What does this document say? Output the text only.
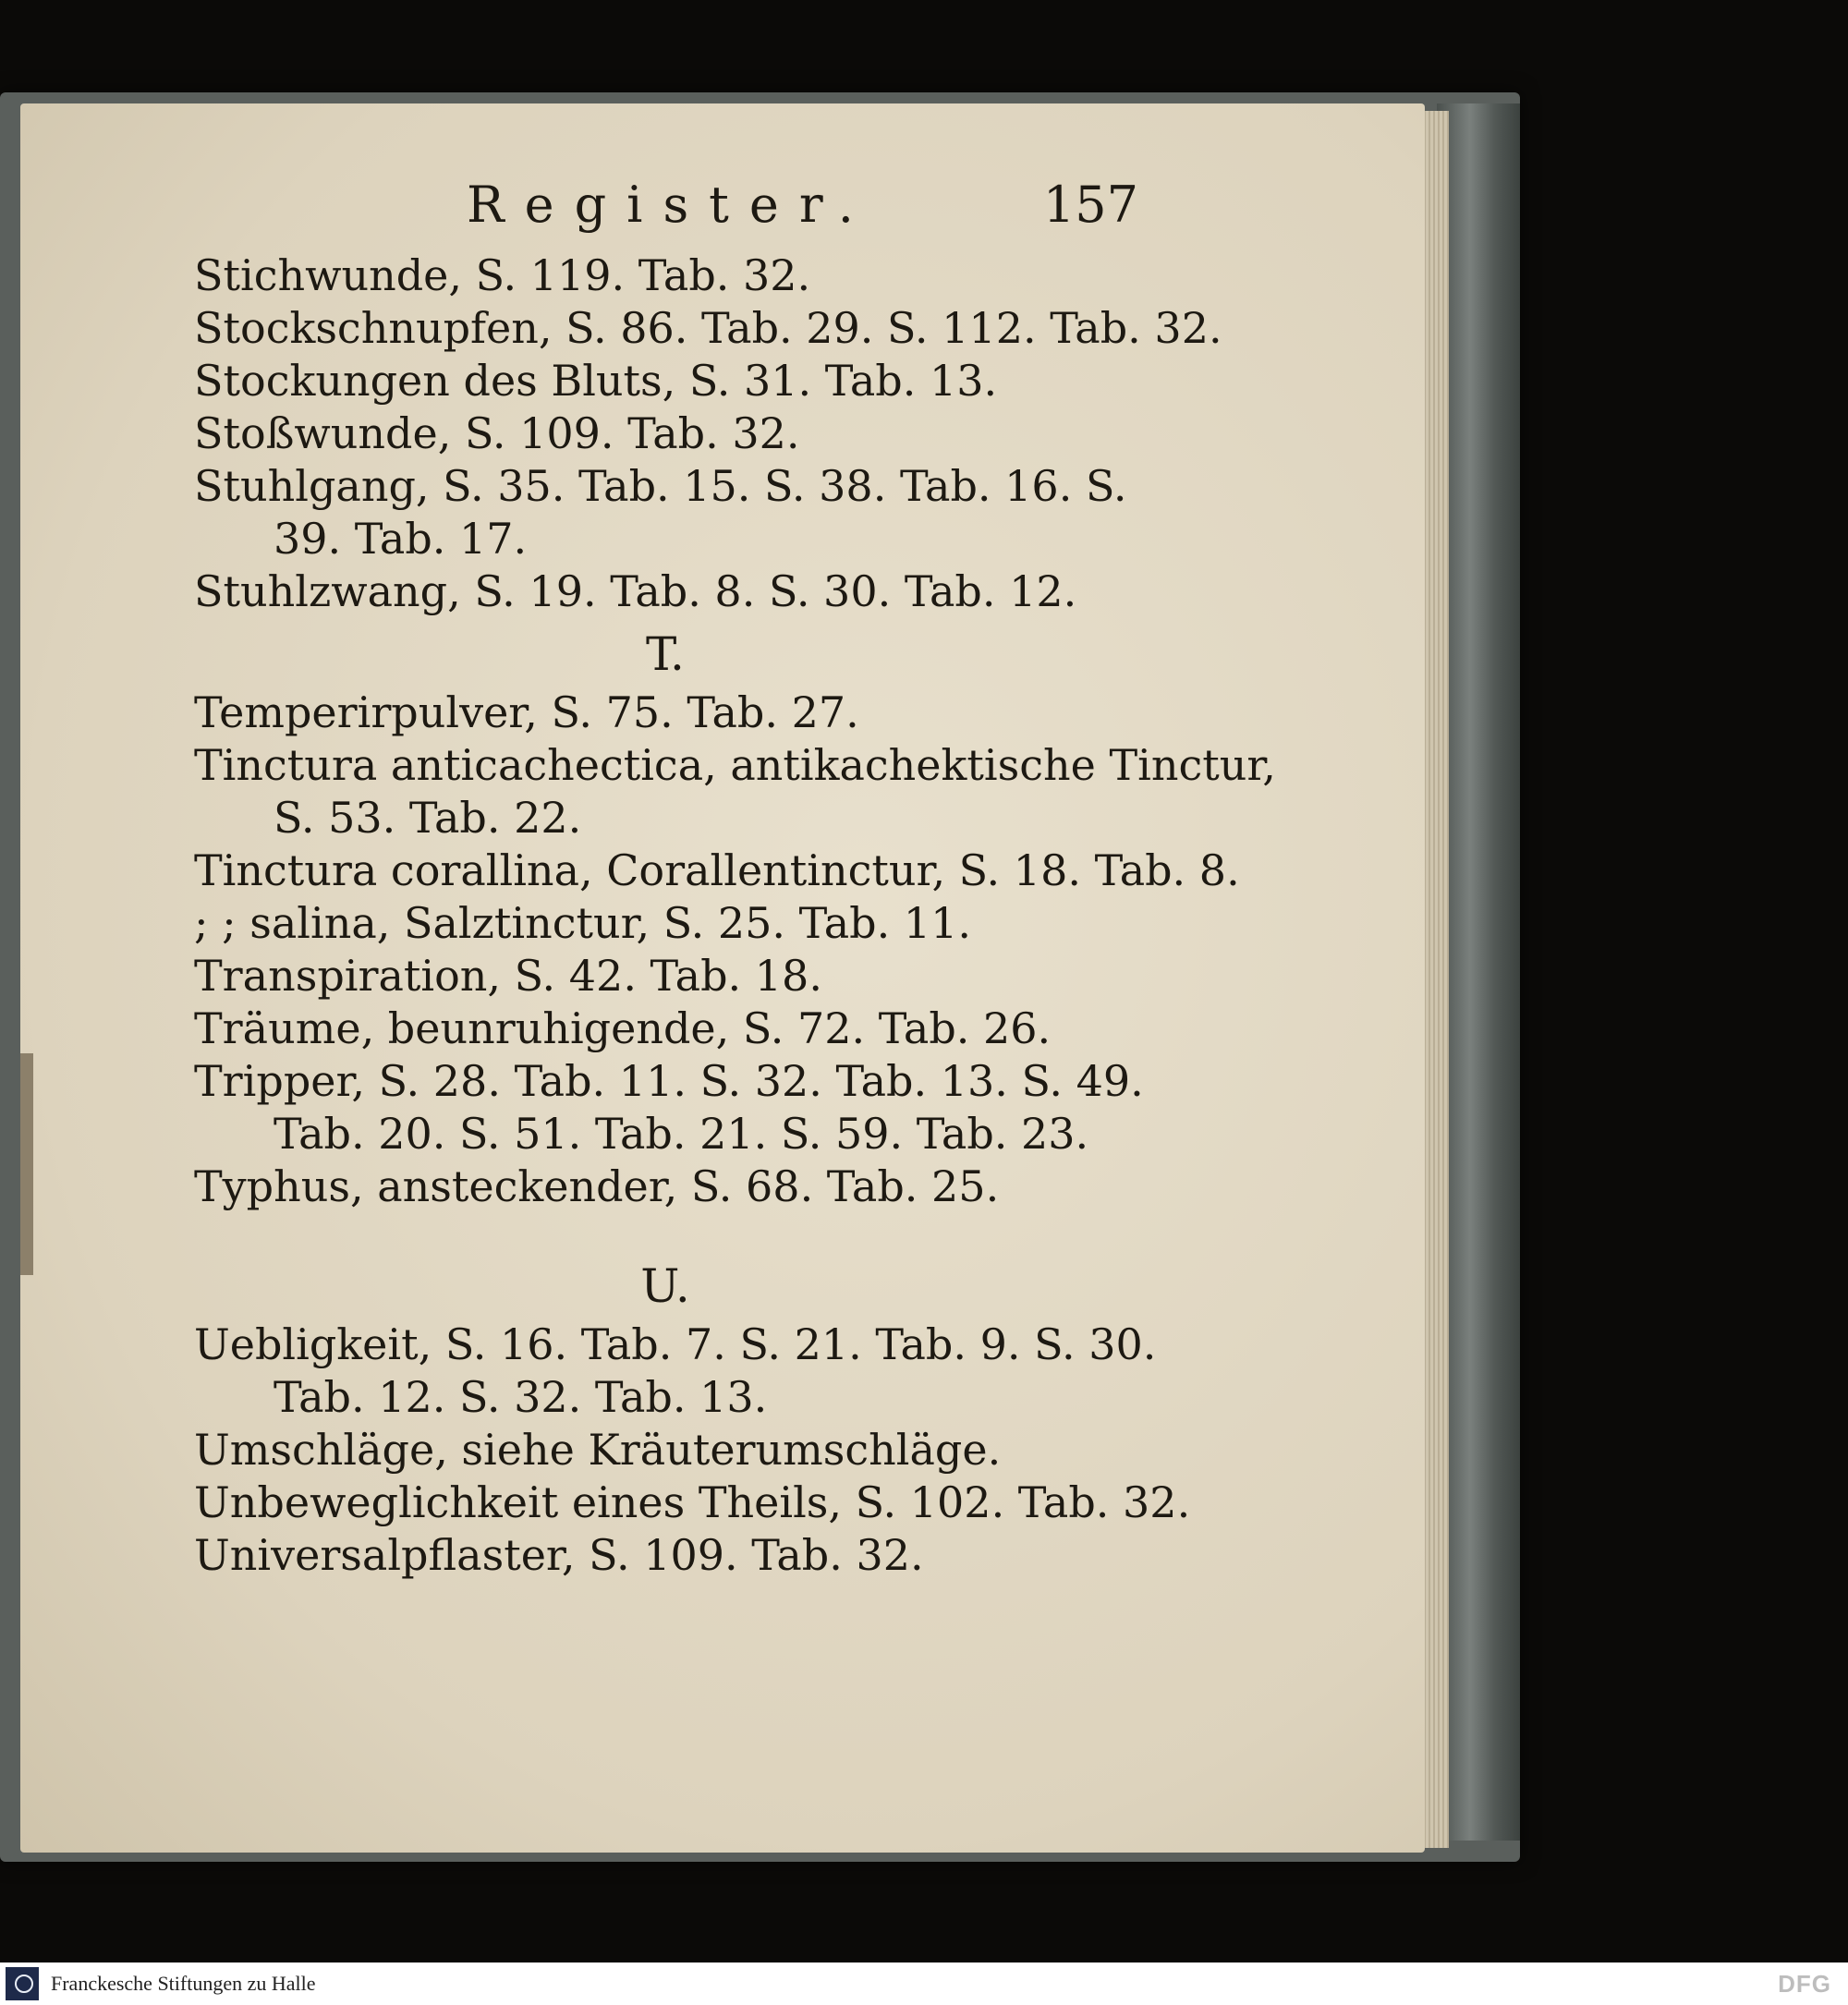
Register.	157
Stichwunde, S. 119. Tab. 32.
Stockschnupfen, S. 86. Tab. 29. S. 112. Tab. 32.
Stockungen des Bluts, S. 31. Tab. 13.
Stoßwunde, S. 109. Tab. 32.
Stuhlgang, S. 35. Tab. 15. S. 38. Tab. 16. S.
39. Tab. 17.
Stuhlzwang, S. 19. Tab. 8. S. 30. Tab. 12.
T.
Temperirpulver, S. 75. Tab. 27.
Tinctura anticachectica, antikachektische Tinctur,
S. 53. Tab. 22.
Tinctura corallina, Corallentinctur, S. 18. Tab. 8.
; ; salina, Salztinctur, S. 25. Tab. 11.
Transpiration, S. 42. Tab. 18.
Träume, beunruhigende, S. 72. Tab. 26.
Tripper, S. 28. Tab. 11. S. 32. Tab. 13. S. 49.
Tab. 20. S. 51. Tab. 21. S. 59. Tab. 23.
Typhus, ansteckender, S. 68. Tab. 25.
U.
Uebligkeit, S. 16. Tab. 7. S. 21. Tab. 9. S. 30.
Tab. 12. S. 32. Tab. 13.
Umschläge, siehe Kräuterumschläge.
Unbeweglichkeit eines Theils, S. 102. Tab. 32.
Universalpflaster, S. 109. Tab. 32.
Franckesche Stiftungen zu Halle	DFG
